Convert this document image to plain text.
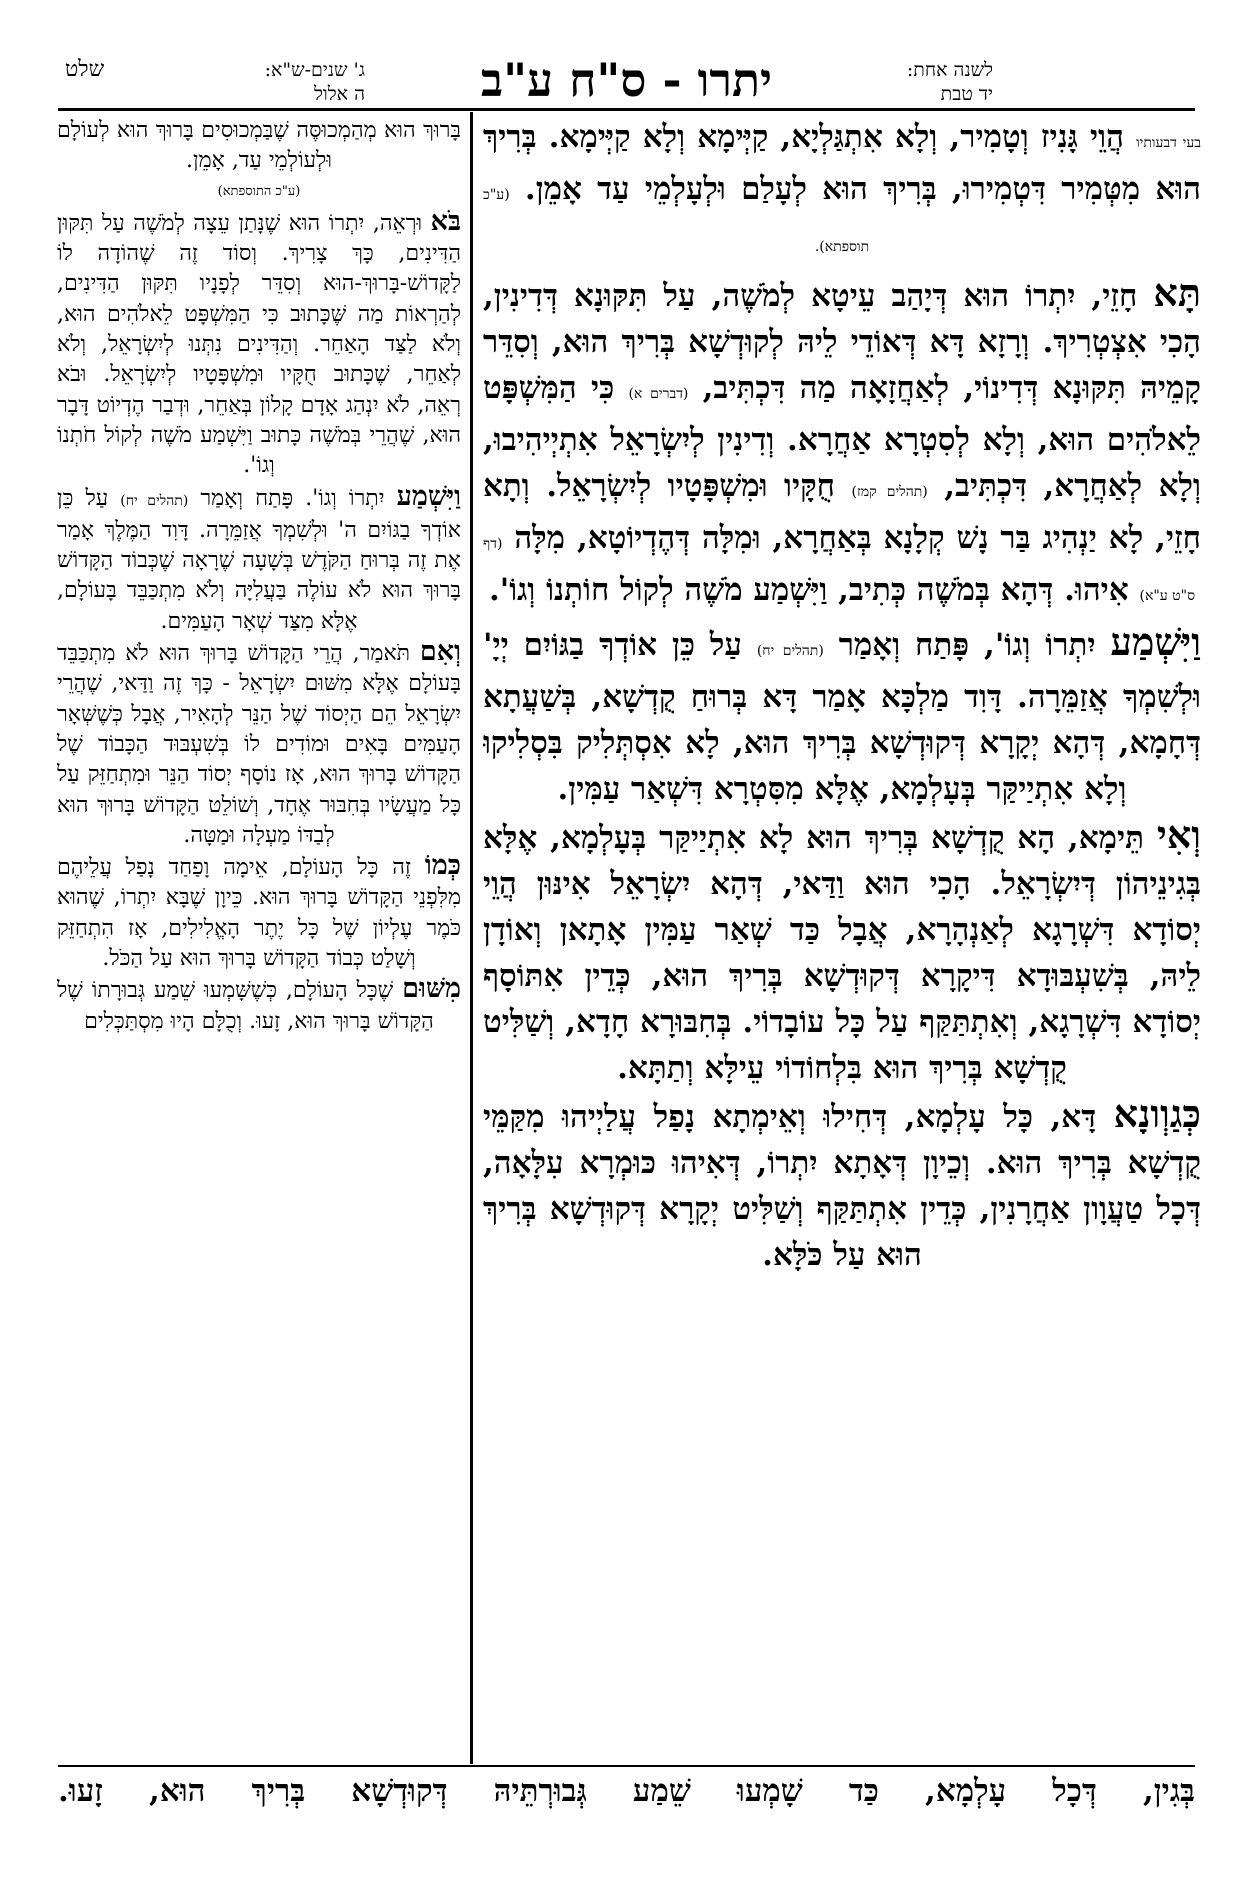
לשנה אחת:
יד טבת
יתרו - ס"ח ע"ב
ג' שנים-ש"א:
שלט
ה אלול

בעי דבעותיו הֲוֵי גָּנִיז וְטָמִיר, וְלָא אִתְגַּלְיָא, קַיְּימָא וְלָא קַיְּימָא. בְּרִיךְ הוּא מִטְּמִיר דִּטְמִירוּ, בְּרִיךְ הוּא לְעָלַם וּלְעָלְמֵי עַד אָמֵן. (ע"כ תוספתא).

תָּא חָזֵי, יִתְרוֹ הוּא דְּיָהַב עֵיטָא לְמֹשֶׁה, עַל תִּקּוּנָא דְּדִינִין, הָכִי אִצְטְרִיךְ. וְרָזָא דָּא דְּאוֹדֵי לֵיהּ לְקוּדְשָׁא בְּרִיךְ הוּא, וְסִדֵּר קָמֵיהּ תִּקּוּנָא דְּדִינוֹי, לְאַחֲזָאָה מַה דִּכְתִּיב, (דברים א) כִּי הַמִּשְׁפָּט לֵאלֹהִים הוּא, וְלָא לְסִטְרָא אַחֲרָא. וְדִינִין לְיִשְׂרָאֵל אִתְיְיהִיבוּ, וְלָא לְאַחֲרָא, דִּכְתִּיב, (תהלים קמז) חֻקָּיו וּמִשְׁפָּטָיו לְיִשְׂרָאֵל. וְתָא חָזֵי, לָא יַנְהִיג בַּר נָשׁ קְלָנָא בְּאַחֲרָא, וּמִלָּה דְּהֶדְיוֹטָא, מִלָּה (דף ס"ט ע"א) אִיהוּ. דְּהָא בְּמֹשֶׁה כְּתִיב, וַיִּשְׁמַע מֹשֶׁה לְקוֹל חוֹתְנוֹ וְגוֹ'.

וַיִּשְׁמַע יִתְרוֹ וְגוֹ', פָּתַח וְאָמַר (תהלים יח) עַל כֵּן אוֹדְךָ בַגּוֹיִם יְיָ' וּלְשִׁמְךָ אֲזַמֵּרָה. דָּוִד מַלְכָּא אָמַר דָּא בְּרוּחַ קֻדְשָׁא, בְּשַׁעֲתָא דְּחָמָא, דְּהָא יְקָרָא דְּקוּדְשָׁא בְּרִיךְ הוּא, לָא אִסְתְּלִיק בִּסְלִיקוּ וְלָא אִתְיַיקַּר בְּעָלְמָא, אֶלָּא מִסִּטְרָא דִּשְׁאַר עַמִּין.

וְאִי תֵּימָא, הָא קֻדְשָׁא בְּרִיךְ הוּא לָא אִתְיַיקַּר בְּעָלְמָא, אֶלָּא בְּגִינֵיהוֹן דְּיִשְׂרָאֵל. הָכִי הוּא וַדַּאי, דְּהָא יִשְׂרָאֵל אִינּוּן הֲוֵי יְסוֹדָא דִּשְׁרָגָא לְאַנְהָרָא, אֲבָל כַּד שְׁאַר עַמִּין אָתָאן וְאוֹדָן לֵיהּ, בְּשִׁעְבּוּדָא דִּיקָרָא דְּקוּדְשָׁא בְּרִיךְ הוּא, כְּדֵין אִתּוֹסָף יְסוֹדָא דִּשְׁרָגָא, וְאִתְתַּקַּף עַל כָּל עוֹבָדוֹי. בְּחִבּוּרָא חָדָא, וְשַׁלִּיט קֻדְשָׁא בְּרִיךְ הוּא בִּלְחוֹדוֹי עֵילָּא וְתַתָּא.

כְּגַוְונָא דָּא, כָּל עָלְמָא, דְּחִילוּ וְאֵימְתָא נָפַל עֲלַיְיהוּ מִקַּמֵּי קֻדְשָׁא בְּרִיךְ הוּא. וְכֵיוָן דְּאָתָא יִתְרוֹ, דְּאִיהוּ כּוּמְרָא עִלָּאָה, דְּכָל טַעֲוָון אַחֲרָנִין, כְּדֵין אִתְתַּקַּף וְשַׁלִּיט יְקָרָא דְּקוּדְשָׁא בְּרִיךְ הוּא עַל כֹּלָּא.

בָּרוּךְ הוּא מְהַמְכוּסֶּה שֶׁבַּמְכוּסִים בָּרוּךְ הוּא לְעוֹלָם וּלְעוֹלְמֵי עַד, אָמֵן.

(ע"כ התוספתא)

בֹּא וּרְאֵה, יִתְרוֹ הוּא שֶׁנָּתַן עֵצָה לְמֹשֶׁה עַל תִּקּוּן הַדִּינִים, כָּךְ צָרִיךְ. וְסוֹד זֶה שֶׁהוֹדָה לוֹ לַקָּדוֹשׁ-בָּרוּךְ-הוּא וְסִדֵּר לְפָנָיו תִּקּוּן הַדִּינִים, לְהַרְאוֹת מַה שֶּׁכָּתוּב כִּי הַמִּשְׁפָּט לֵאלֹהִים הוּא, וְלֹא לַצַּד הָאַחֵר. וְהַדִּינִים נִתְּנוּ לְיִשְׂרָאֵל, וְלֹא לְאַחֵר, שֶׁכָּתוּב חֻקָּיו וּמִשְׁפָּטָיו לְיִשְׂרָאֵל. וּבֹא רְאֵה, לֹא יִנְהַג אָדָם קָלוֹן בְּאַחֵר, וּדְבַר הֶדְיוֹט דָּבָר הוּא, שֶׁהֲרֵי בְּמֹשֶׁה כָּתוּב וַיִּשְׁמַע מֹשֶׁה לְקוֹל חֹתְנוֹ וְגוֹ'.

וַיִּשְׁמַע יִתְרוֹ וְגוֹ'. פָּתַח וְאָמַר (תהלים יח) עַל כֵּן אוֹדְךָ בַגּוֹיִם ה' וּלְשִׁמְךָ אֲזַמֵּרָה. דָּוִד הַמֶּלֶךְ אָמַר אֶת זֶה בְּרוּחַ הַקֹּדֶשׁ בְּשָׁעָה שֶׁרָאָה שֶׁכְּבוֹד הַקָּדוֹשׁ בָּרוּךְ הוּא לֹא עוֹלֶה בַּעֲלִיָּה וְלֹא מִתְכַּבֵּד בָּעוֹלָם, אֶלָּא מִצַּד שְׁאָר הָעַמִּים.

וְאִם תֹּאמַר, הֲרֵי הַקָּדוֹשׁ בָּרוּךְ הוּא לֹא מִתְכַּבֵּד בָּעוֹלָם אֶלָּא מִשּׁוּם יִשְׂרָאֵל - כָּךְ זֶה וַדַּאי, שֶׁהֲרֵי יִשְׂרָאֵל הֵם הַיְסוֹד שֶׁל הַנֵּר לְהָאִיר, אֲבָל כְּשֶׁשְּׁאָר הָעַמִּים בָּאִים וּמוֹדִים לוֹ בְּשִׁעְבּוּד הַכָּבוֹד שֶׁל הַקָּדוֹשׁ בָּרוּךְ הוּא, אָז נוֹסָף יְסוֹד הַנֵּר וּמִתְחַזֵּק עַל כָּל מַעֲשָׂיו בְּחִבּוּר אֶחָד, וְשׁוֹלֵט הַקָּדוֹשׁ בָּרוּךְ הוּא לְבַדּוֹ מַעְלָה וּמַטָּה.

כְּמוֹ זֶה כָּל הָעוֹלָם, אֵימָה וָפַחַד נָפַל עֲלֵיהֶם מִלִּפְנֵי הַקָּדוֹשׁ בָּרוּךְ הוּא. כֵּיוָן שֶׁבָּא יִתְרוֹ, שֶׁהוּא כֹּמֶר עֶלְיוֹן שֶׁל כָּל יֶתֶר הָאֱלִילִים, אָז הִתְחַזֵּק וְשָׁלַט כְּבוֹד הַקָּדוֹשׁ בָּרוּךְ הוּא עַל הַכֹּל.

מִשּׁוּם שֶׁכָּל הָעוֹלָם, כְּשֶׁשָּׁמְעוּ שֵׁמַע גְּבוּרָתוֹ שֶׁל הַקָּדוֹשׁ בָּרוּךְ הוּא, זָעוּ. וְכֻלָּם הָיוּ מִסְתַּכְּלִים

בְּגִין, דְּכָל עָלְמָא, כַּד שָׁמְעוּ שֵׁמַע גְּבוּרְתֵּיהּ דְּקוּדְשָׁא בְּרִיךְ הוּא, זָעוּ.
